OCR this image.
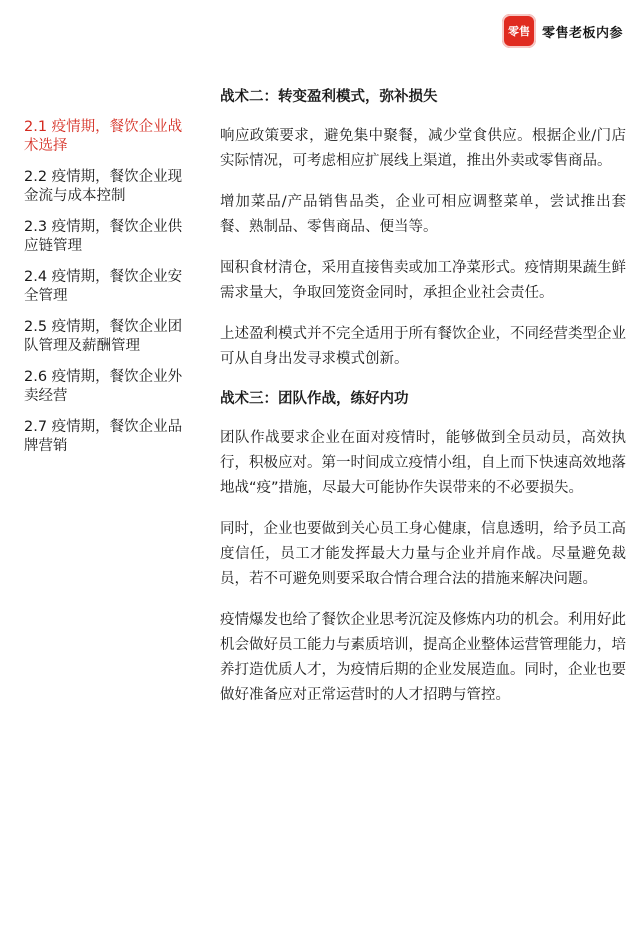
零售 零售老板内参
2.1 疫情期，餐饮企业战术选择
2.2 疫情期，餐饮企业现金流与成本控制
2.3 疫情期，餐饮企业供应链管理
2.4 疫情期，餐饮企业安全管理
2.5 疫情期，餐饮企业团队管理及薪酬管理
2.6 疫情期，餐饮企业外卖经营
2.7 疫情期，餐饮企业品牌营销
战术二：转变盈利模式，弥补损失

响应政策要求，避免集中聚餐，减少堂食供应。根据企业/门店实际情况，可考虑相应扩展线上渠道，推出外卖或零售商品。

增加菜品/产品销售品类，企业可相应调整菜单，尝试推出套餐、熟制品、零售商品、便当等。

囤积食材清仓，采用直接售卖或加工净菜形式。疫情期果蔬生鲜需求量大，争取回笼资金同时，承担企业社会责任。

上述盈利模式并不完全适用于所有餐饮企业，不同经营类型企业可从自身出发寻求模式创新。

战术三：团队作战，练好内功

团队作战要求企业在面对疫情时，能够做到全员动员，高效执行，积极应对。第一时间成立疫情小组，自上而下快速高效地落地战“疫”措施，尽最大可能协作失误带来的不必要损失。

同时，企业也要做到关心员工身心健康，信息透明，给予员工高度信任，员工才能发挥最大力量与企业并肩作战。尽量避免裁员，若不可避免则要采取合情合理合法的措施来解决问题。

疫情爆发也给了餐饮企业思考沉淀及修炼内功的机会。利用好此机会做好员工能力与素质培训，提高企业整体运营管理能力，培养打造优质人才，为疫情后期的企业发展造血。同时，企业也要做好准备应对正常运营时的人才招聘与管控。
